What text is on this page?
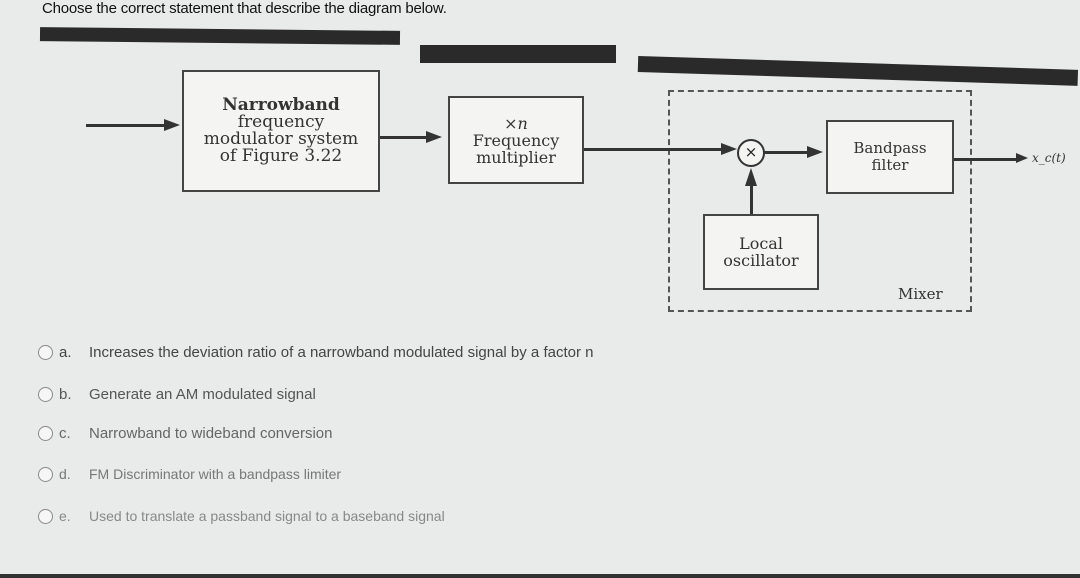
Choose the correct statement that describe the diagram below.
Narrowband
frequency
modulator system
of Figure 3.22
×n
Frequency
multiplier	×
Local
oscillator
Bandpass
filter	x_c(t)
Mixer
a.	Increases the deviation ratio of a narrowband modulated signal by a factor n
b.	Generate an AM modulated signal
c.	Narrowband to wideband conversion
d.	FM Discriminator with a bandpass limiter
e.	Used to translate a passband signal to a baseband signal
